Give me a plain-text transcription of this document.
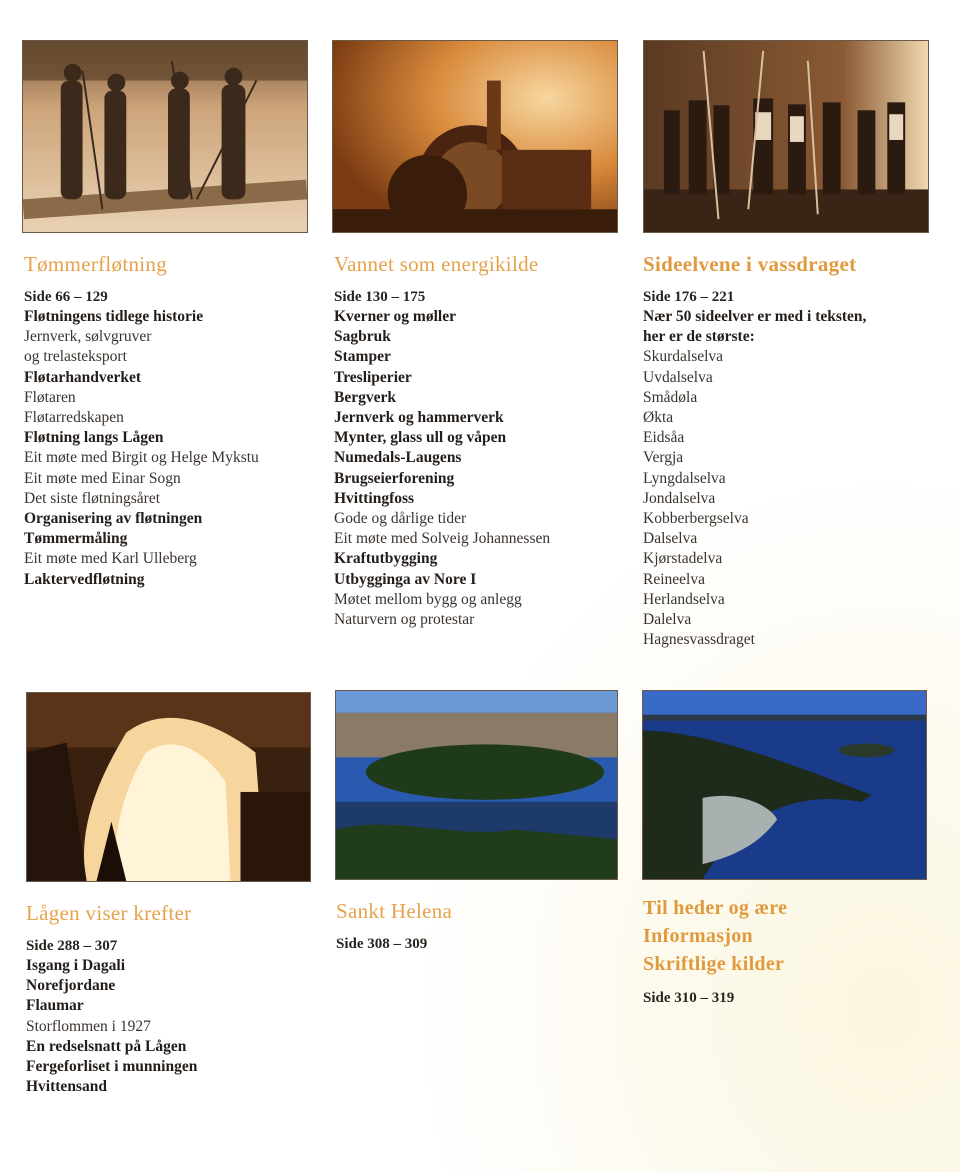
Tømmerfløtning
Side 66 – 129
Fløtningens tidlege historie
Jernverk, sølvgruver
og trelasteksport
Fløtarhandverket
Fløtaren
Fløtarredskapen
Fløtning langs Lågen
Eit møte med Birgit og Helge Mykstu
Eit møte med Einar Sogn
Det siste fløtningsåret
Organisering av fløtningen
Tømmermåling
Eit møte med Karl Ulleberg
Laktervedfløtning
Vannet som energikilde
Side 130 – 175
Kverner og møller
Sagbruk
Stamper
Tresliperier
Bergverk
Jernverk og hammerverk
Mynter, glass ull og våpen
Numedals-Laugens
Brugseierforening
Hvittingfoss
Gode og dårlige tider
Eit møte med Solveig Johannessen
Kraftutbygging
Utbygginga av Nore I
Møtet mellom bygg og anlegg
Naturvern og protestar
Sideelvene i vassdraget
Side 176 – 221
Nær 50 sideelver er med i teksten,
her er de største:
Skurdalselva
Uvdalselva
Smådøla
Økta
Eidsåa
Vergja
Lyngdalselva
Jondalselva
Kobberbergselva
Dalselva
Kjørstadelva
Reineelva
Herlandselva
Dalelva
Hagnesvassdraget
Lågen viser krefter
Side 288 – 307
Isgang i Dagali
Norefjordane
Flaumar
Storflommen i 1927
En redselsnatt på Lågen
Fergeforliset i munningen
Hvittensand
Sankt Helena
Side 308 – 309
Til heder og ære
Informasjon
Skriftlige kilder
Side 310 – 319
